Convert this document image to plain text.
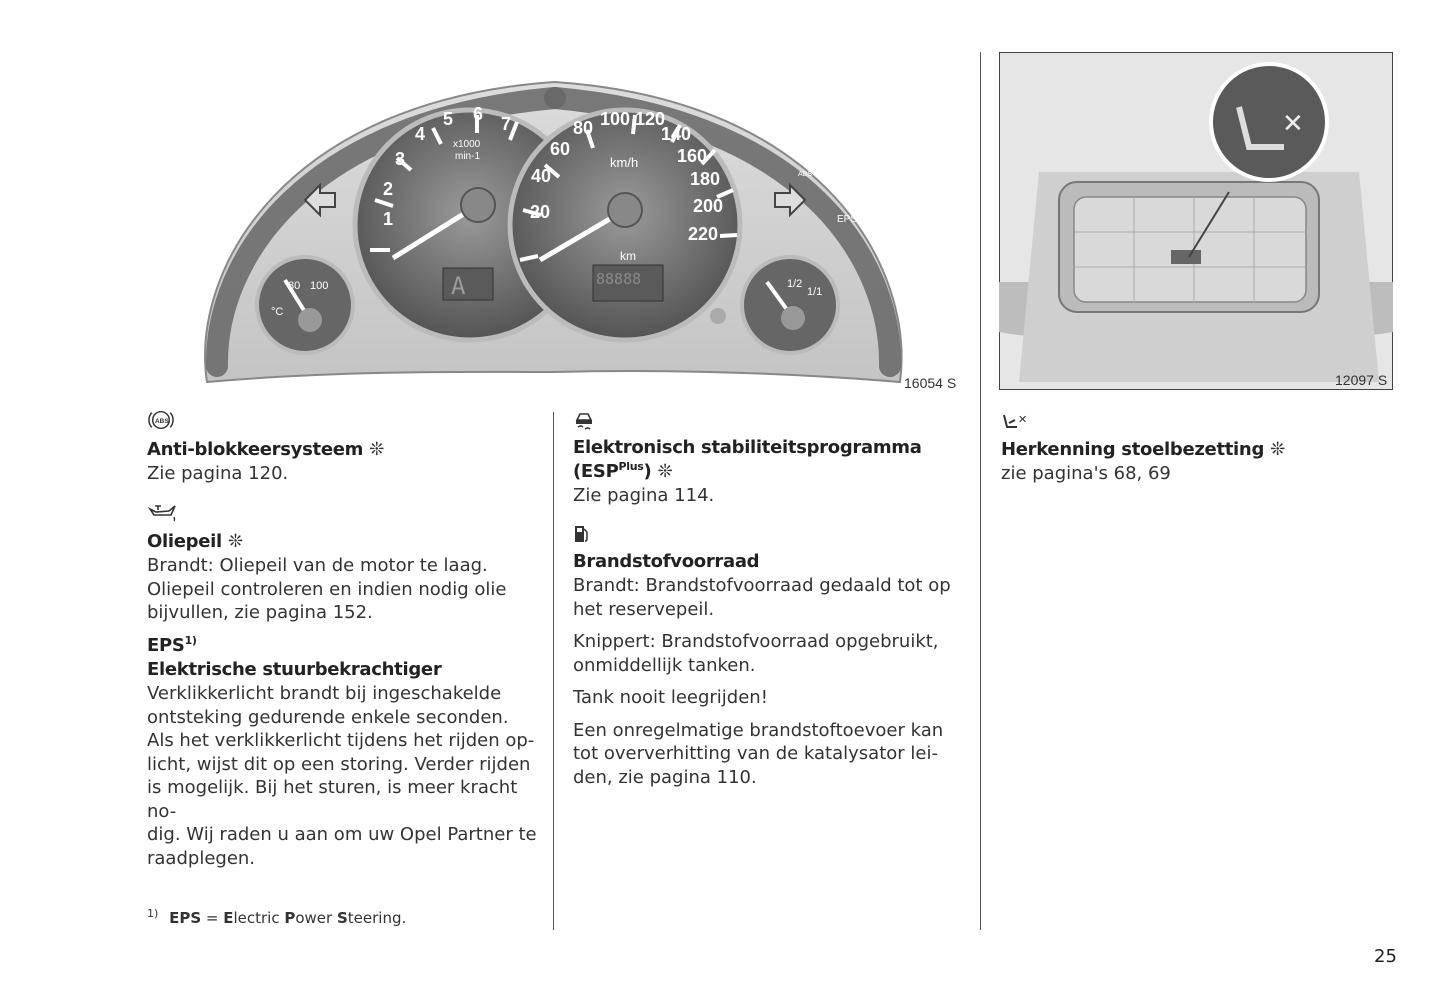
1
2
3
4
5 6 7
20
40
60
80 100 120
140
160
180
200
220
x1000
min-1	km/h
km
A	88888
80 100
°C
1/2
1/1
EPS
ABS
16054 S
✕
12097 S
ABS
Anti-blokkeersysteem ❊
Zie pagina 120.
Oliepeil ❊
Brandt: Oliepeil van de motor te laag.
Oliepeil controleren en indien nodig olie
bijvullen, zie pagina 152.
EPS$^{1)}$
Elektrische stuurbekrachtiger
Verklikkerlicht brandt bij ingeschakelde
ontsteking gedurende enkele seconden.
Als het verklikkerlicht tijdens het rijden op-
licht, wijst dit op een storing. Verder rijden
is mogelijk. Bij het sturen, is meer kracht no-
dig. Wij raden u aan om uw Opel Partner te
raadplegen.
$^{1)}$ EPS = Electric Power Steering.
Elektronisch stabiliteitsprogramma
$(ESP^{Plus})$ ❊
Zie pagina 114.
Brandstofvoorraad

Brandt: Brandstofvoorraad gedaald tot op
het reservepeil.

Knippert: Brandstofvoorraad opgebruikt,
onmiddellijk tanken.

Tank nooit leegrijden!

Een onregelmatige brandstoftoevoer kan
tot oververhitting van de katalysator lei-
den, zie pagina 110.

✕
Herkenning stoelbezetting ❊
zie pagina's 68, 69
25
